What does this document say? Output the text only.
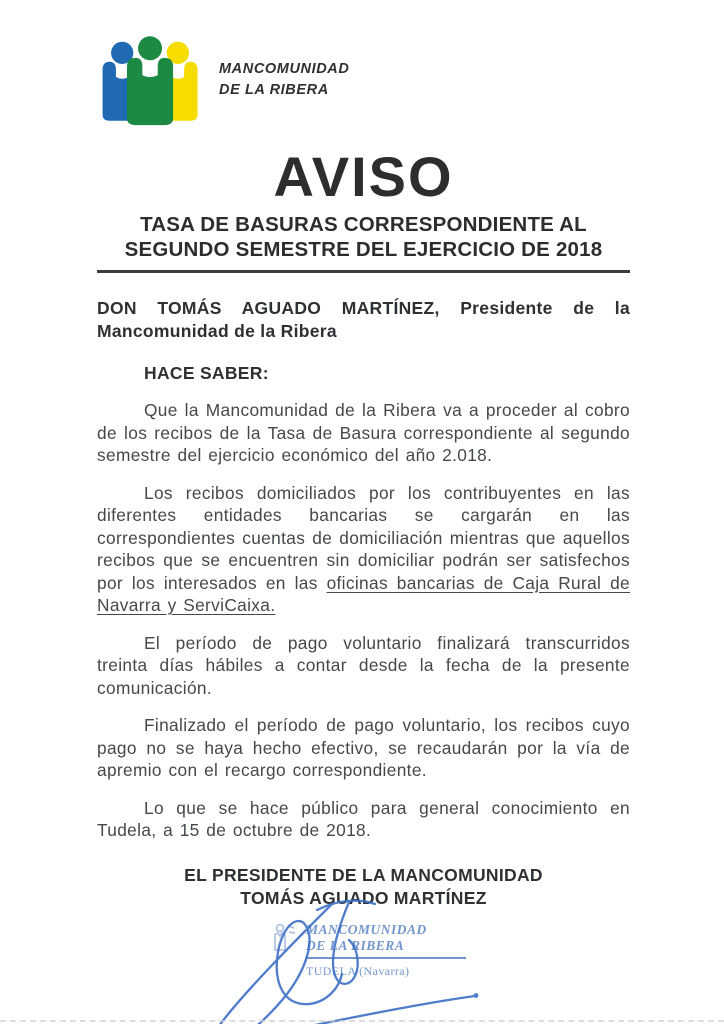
MANCOMUNIDAD
DE LA RIBERA
AVISO
TASA DE BASURAS CORRESPONDIENTE AL
SEGUNDO SEMESTRE DEL EJERCICIO DE 2018
DON TOMÁS AGUADO MARTÍNEZ, Presidente de la
Mancomunidad de la Ribera
HACE SABER:

Que la Mancomunidad de la Ribera va a proceder al cobro de los recibos de la Tasa de Basura correspondiente al segundo semestre del ejercicio económico del año 2.018.

Los recibos domiciliados por los contribuyentes en las diferentes entidades bancarias se cargarán en las correspondientes cuentas de domiciliación mientras que aquellos recibos que se encuentren sin domiciliar podrán ser satisfechos por los interesados en las oficinas bancarias de Caja Rural de Navarra y ServiCaixa.

El período de pago voluntario finalizará transcurridos treinta días hábiles a contar desde la fecha de la presente comunicación.

Finalizado el período de pago voluntario, los recibos cuyo pago no se haya hecho efectivo, se recaudarán por la vía de apremio con el recargo correspondiente.

Lo que se hace público para general conocimiento en Tudela, a 15 de octubre de 2018.

EL PRESIDENTE DE LA MANCOMUNIDAD
TOMÁS AGUADO MARTÍNEZ
MANCOMUNIDAD
DE LA RIBERA
TUDELA (Navarra)
